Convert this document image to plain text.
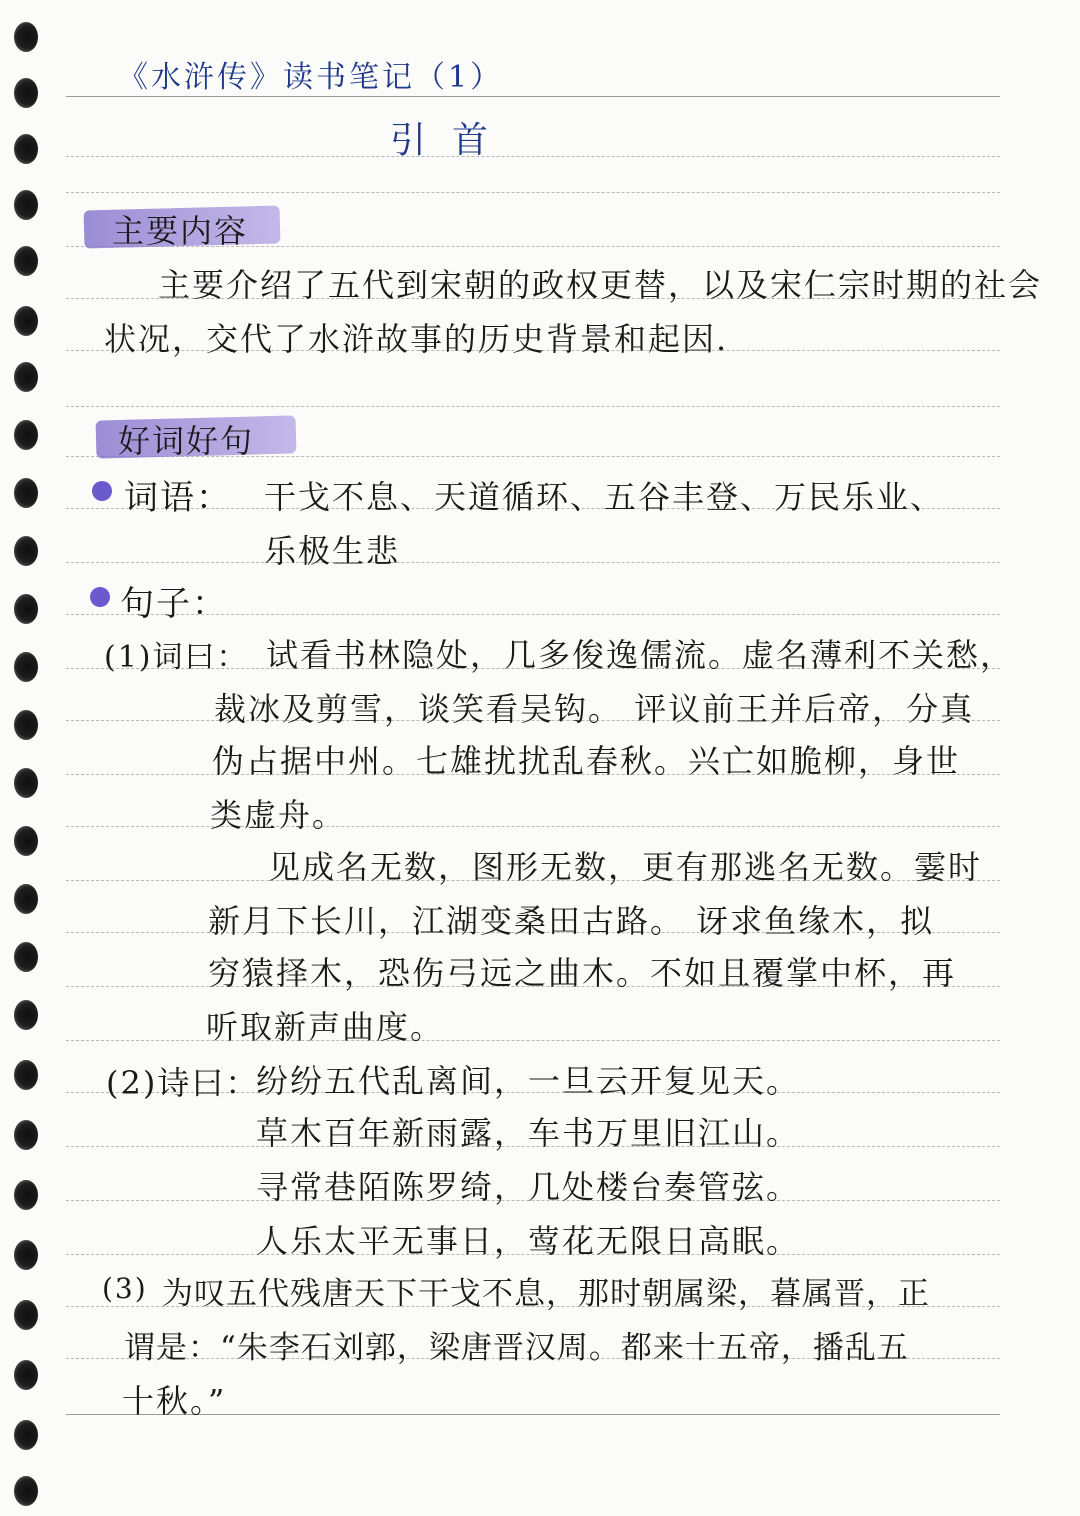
《水浒传》读书笔记（1）
引首
主要内容
主要介绍了五代到宋朝的政权更替，以及宋仁宗时期的社会
状况，交代了水浒故事的历史背景和起因.
好词好句
词语： 干戈不息、天道循环、五谷丰登、万民乐业、
乐极生悲
句子：
(1)词曰： 试看书林隐处，几多俊逸儒流。虚名薄利不关愁，
裁冰及剪雪，谈笑看吴钩。 评议前王并后帝，分真
伪占据中州。七雄扰扰乱春秋。兴亡如脆柳，身世
类虚舟。
见成名无数，图形无数，更有那逃名无数。霎时
新月下长川，江湖变桑田古路。 讶求鱼缘木，拟
穷猿择木，恐伤弓远之曲木。不如且覆掌中杯，再
听取新声曲度。
(2)诗曰：
纷纷五代乱离间，一旦云开复见天。
草木百年新雨露，车书万里旧江山。
寻常巷陌陈罗绮，几处楼台奏管弦。
人乐太平无事日，莺花无限日高眠。
(3) 为叹五代残唐天下干戈不息，那时朝属梁，暮属晋，正
谓是：“朱李石刘郭，梁唐晋汉周。都来十五帝，播乱五
十秋。”
